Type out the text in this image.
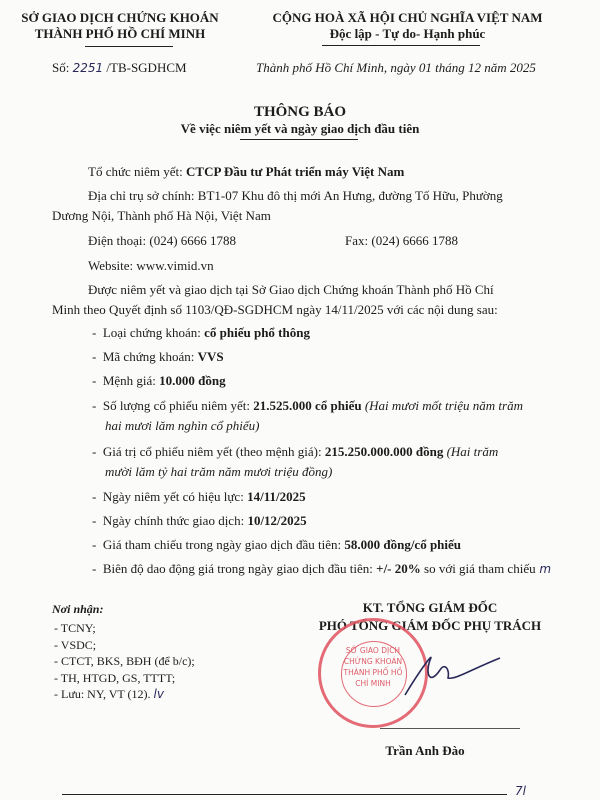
SỞ GIAO DỊCH CHỨNG KHOÁN
THÀNH PHỐ HỒ CHÍ MINH
CỘNG HOÀ XÃ HỘI CHỦ NGHĨA VIỆT NAM
Độc lập - Tự do- Hạnh phúc
Số: 2251 /TB-SGDHCM	Thành phố Hồ Chí Minh, ngày 01 tháng 12 năm 2025
THÔNG BÁO
Về việc niêm yết và ngày giao dịch đầu tiên
Tổ chức niêm yết: CTCP Đầu tư Phát triển máy Việt Nam
Địa chỉ trụ sở chính: BT1-07 Khu đô thị mới An Hưng, đường Tố Hữu, Phường
Dương Nội, Thành phố Hà Nội, Việt Nam
Điện thoại: (024) 6666 1788	Fax: (024) 6666 1788
Website: www.vimid.vn
Được niêm yết và giao dịch tại Sở Giao dịch Chứng khoán Thành phố Hồ Chí
Minh theo Quyết định số 1103/QĐ-SGDHCM ngày 14/11/2025 với các nội dung sau:
-  Loại chứng khoán: cổ phiếu phổ thông
-  Mã chứng khoán: VVS
-  Mệnh giá: 10.000 đồng
-  Số lượng cổ phiếu niêm yết: 21.525.000 cổ phiếu (Hai mươi mốt triệu năm trăm
hai mươi lăm nghìn cổ phiếu)
-  Giá trị cổ phiếu niêm yết (theo mệnh giá): 215.250.000.000 đồng (Hai trăm
mười lăm tỷ hai trăm năm mươi triệu đồng)
-  Ngày niêm yết có hiệu lực: 14/11/2025
-  Ngày chính thức giao dịch: 10/12/2025
-  Giá tham chiếu trong ngày giao dịch đầu tiên: 58.000 đồng/cổ phiếu
-  Biên độ dao động giá trong ngày giao dịch đầu tiên: +/- 20% so với giá tham chiếu m
Nơi nhận:
- TCNY;
- VSDC;
- CTCT, BKS, BĐH (để b/c);
- TH, HTGD, GS, TTTT;
- Lưu: NY, VT (12). lv
KT. TỔNG GIÁM ĐỐC
PHÓ TỔNG GIÁM ĐỐC PHỤ TRÁCH
SỞ GIAO DỊCH CHỨNG KHOÁN THÀNH PHỐ HỒ CHÍ MINH
Trần Anh Đào
7l
